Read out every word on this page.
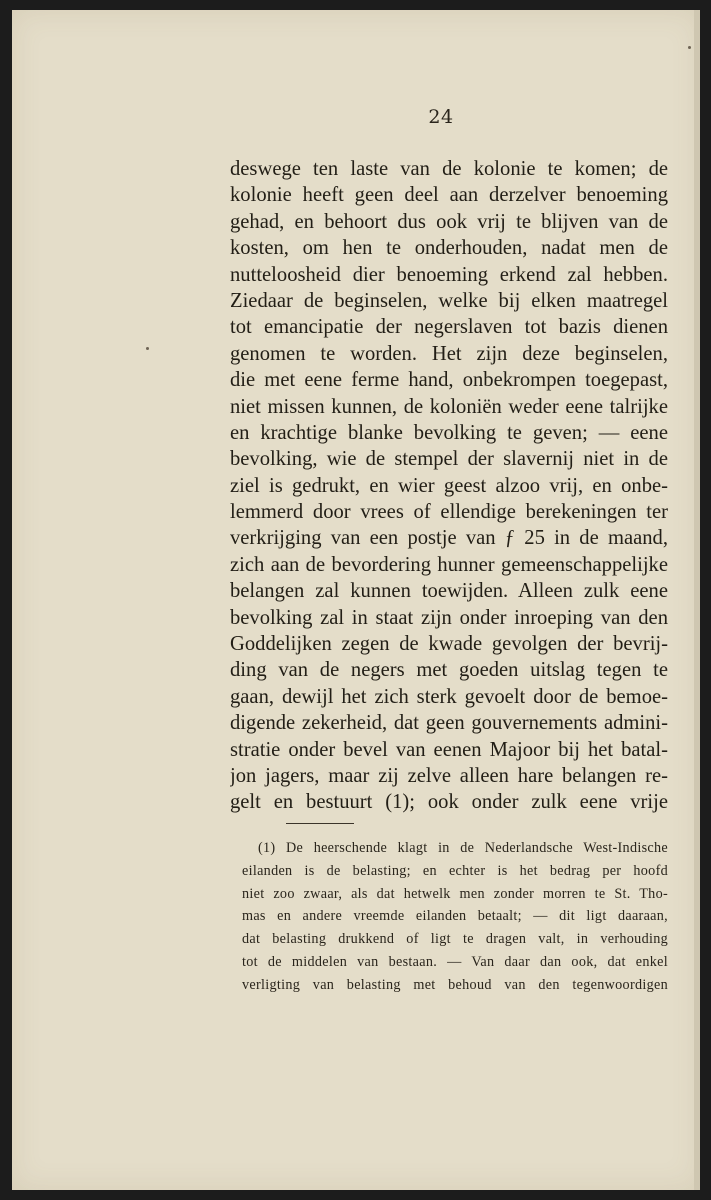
24
deswege ten laste van de kolonie te komen; de
kolonie heeft geen deel aan derzelver benoeming
gehad, en behoort dus ook vrij te blijven van de
kosten, om hen te onderhouden, nadat men de
nutteloosheid dier benoeming erkend zal hebben.
Ziedaar de beginselen, welke bij elken maatregel
tot emancipatie der negerslaven tot bazis dienen
genomen te worden. Het zijn deze beginselen,
die met eene ferme hand, onbekrompen toegepast,
niet missen kunnen, de koloniën weder eene talrijke
en krachtige blanke bevolking te geven; — eene
bevolking, wie de stempel der slavernij niet in de
ziel is gedrukt, en wier geest alzoo vrij, en onbe-
lemmerd door vrees of ellendige berekeningen ter
verkrijging van een postje van ƒ 25 in de maand,
zich aan de bevordering hunner gemeenschappelijke
belangen zal kunnen toewijden. Alleen zulk eene
bevolking zal in staat zijn onder inroeping van den
Goddelijken zegen de kwade gevolgen der bevrij-
ding van de negers met goeden uitslag tegen te
gaan, dewijl het zich sterk gevoelt door de bemoe-
digende zekerheid, dat geen gouvernements admini-
stratie onder bevel van eenen Majoor bij het batal-
jon jagers, maar zij zelve alleen hare belangen re-
gelt en bestuurt (1); ook onder zulk eene vrije
(1) De heerschende klagt in de Nederlandsche West-Indische
eilanden is de belasting; en echter is het bedrag per hoofd
niet zoo zwaar, als dat hetwelk men zonder morren te St. Tho-
mas en andere vreemde eilanden betaalt; — dit ligt daaraan,
dat belasting drukkend of ligt te dragen valt, in verhouding
tot de middelen van bestaan. — Van daar dan ook, dat enkel
verligting van belasting met behoud van den tegenwoordigen
